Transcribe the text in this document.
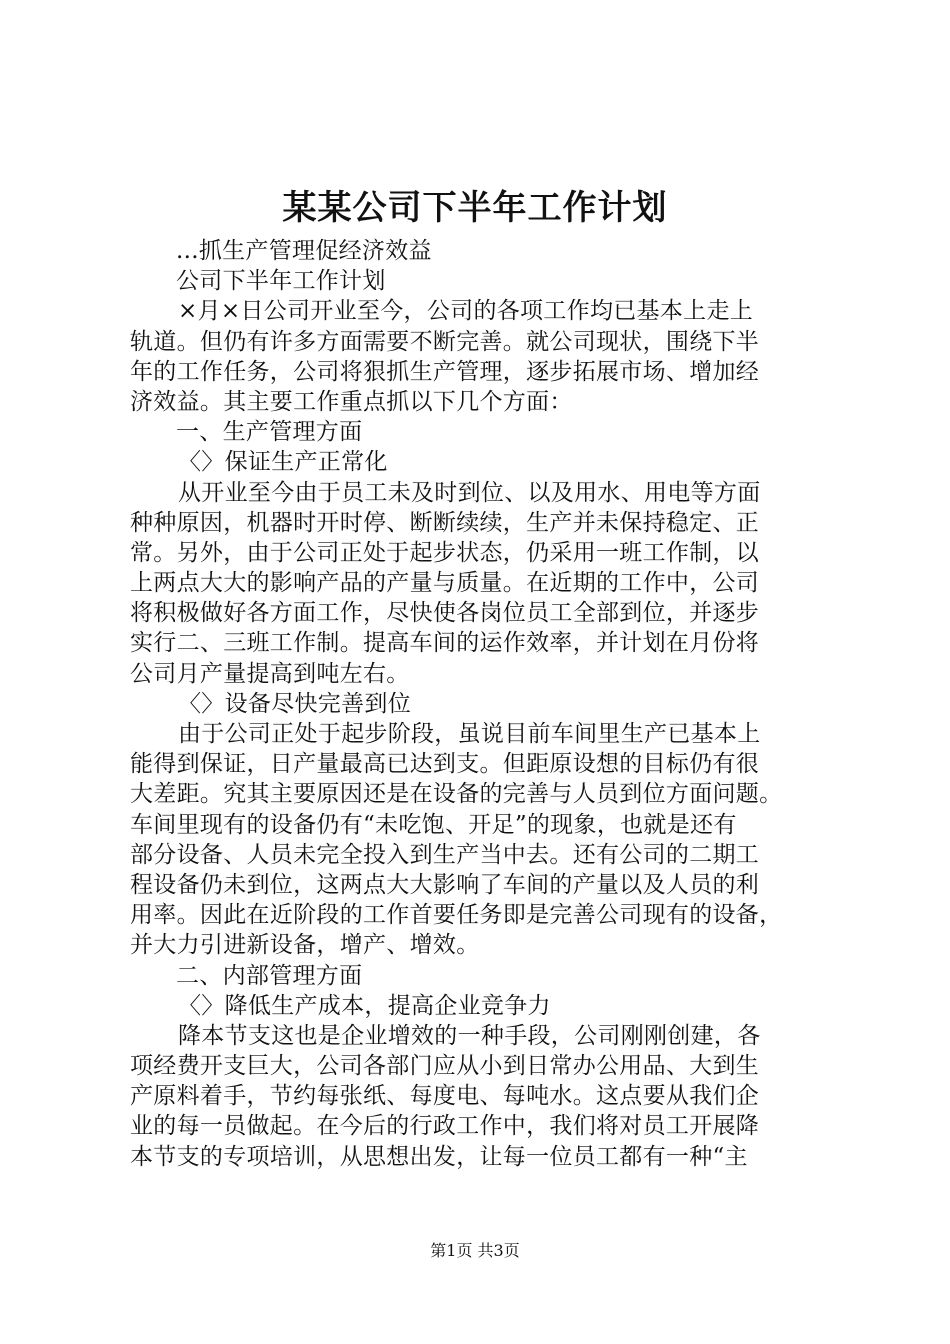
某某公司下半年工作计划
...抓生产管理促经济效益
公司下半年工作计划
×月×日公司开业至今，公司的各项工作均已基本上走上
轨道。但仍有许多方面需要不断完善。就公司现状，围绕下半
年的工作任务，公司将狠抓生产管理，逐步拓展市场、增加经
济效益。其主要工作重点抓以下几个方面：
一、生产管理方面
〈〉保证生产正常化
从开业至今由于员工未及时到位、以及用水、用电等方面
种种原因，机器时开时停、断断续续，生产并未保持稳定、正
常。另外，由于公司正处于起步状态，仍采用一班工作制，以
上两点大大的影响产品的产量与质量。在近期的工作中，公司
将积极做好各方面工作，尽快使各岗位员工全部到位，并逐步
实行二、三班工作制。提高车间的运作效率，并计划在月份将
公司月产量提高到吨左右。
〈〉设备尽快完善到位
由于公司正处于起步阶段，虽说目前车间里生产已基本上
能得到保证，日产量最高已达到支。但距原设想的目标仍有很
大差距。究其主要原因还是在设备的完善与人员到位方面问题。
车间里现有的设备仍有“未吃饱、开足”的现象，也就是还有
部分设备、人员未完全投入到生产当中去。还有公司的二期工
程设备仍未到位，这两点大大影响了车间的产量以及人员的利
用率。因此在近阶段的工作首要任务即是完善公司现有的设备，
并大力引进新设备，增产、增效。
二、内部管理方面
〈〉降低生产成本，提高企业竞争力
降本节支这也是企业增效的一种手段，公司刚刚创建，各
项经费开支巨大，公司各部门应从小到日常办公用品、大到生
产原料着手，节约每张纸、每度电、每吨水。这点要从我们企
业的每一员做起。在今后的行政工作中，我们将对员工开展降
本节支的专项培训，从思想出发，让每一位员工都有一种“主
第1页 共3页
